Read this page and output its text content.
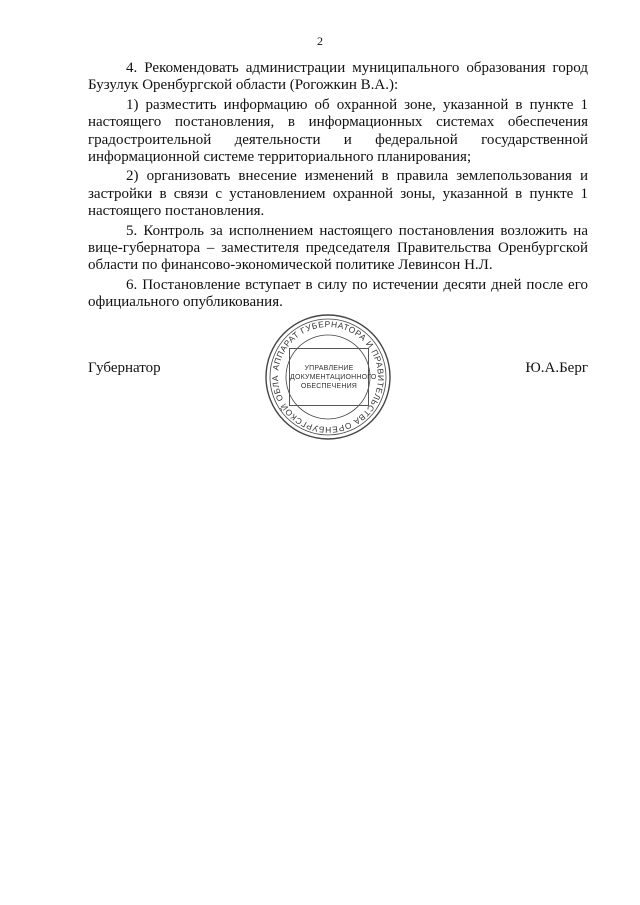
2

4. Рекомендовать администрации муниципального образования город Бузулук Оренбургской области (Рогожкин В.А.):

1) разместить информацию об охранной зоне, указанной в пункте 1 настоящего постановления, в информационных системах обеспечения градостроительной деятельности и федеральной государственной информационной системе территориального планирования;

2) организовать внесение изменений в правила землепользования и застройки в связи с установлением охранной зоны, указанной в пункте 1 настоящего постановления.

5. Контроль за исполнением настоящего постановления возложить на вице-губернатора – заместителя председателя Правительства Оренбургской области по финансово-экономической политике Левинсон Н.Л.

6. Постановление вступает в силу по истечении десяти дней после его официального опубликования.

Губернатор	АППАРАТ ГУБЕРНАТОРА И ПРАВИТЕЛЬСТВА ОРЕНБУРГСКОЙ ОБЛА
УПРАВЛЕНИЕ
ДОКУМЕНТАЦИОННОГО
ОБЕСПЕЧЕНИЯ
Ю.А.Берг
